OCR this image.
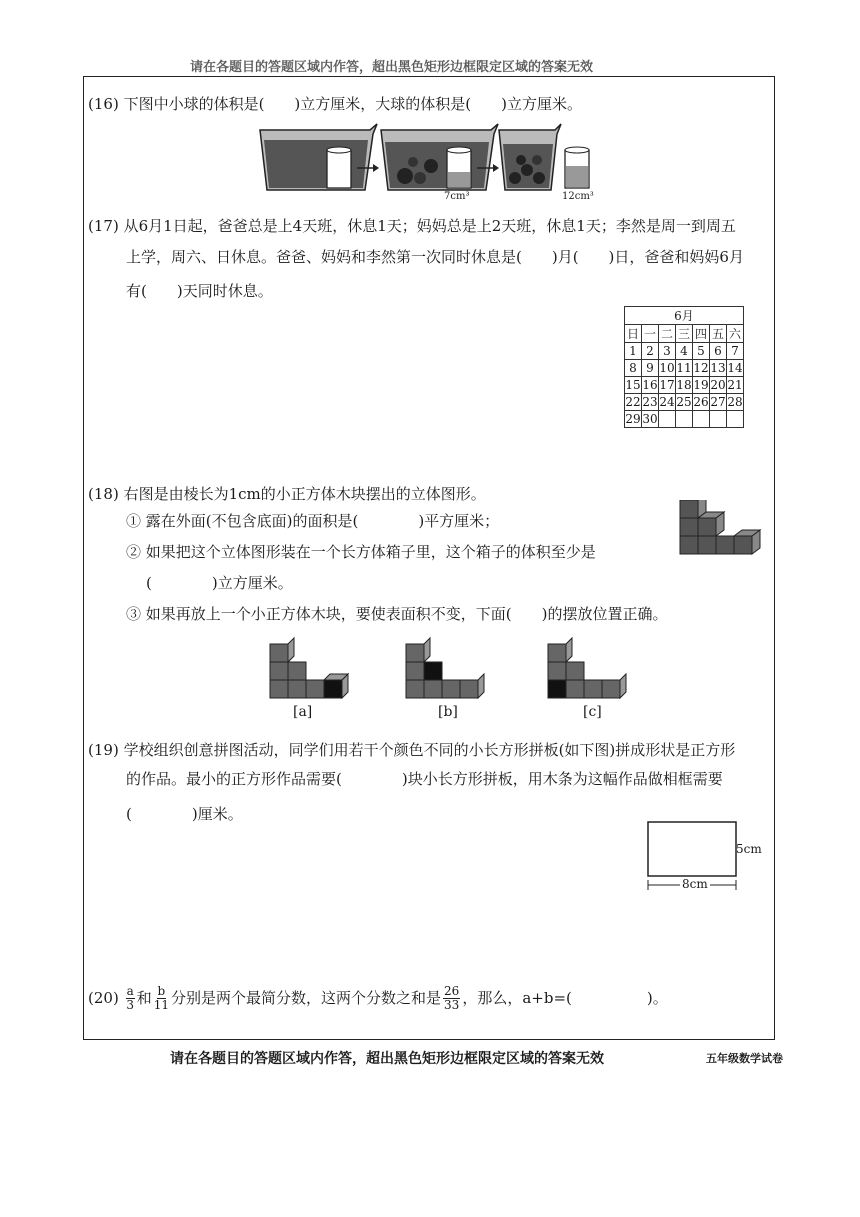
请在各题目的答题区域内作答，超出黑色矩形边框限定区域的答案无效
(16) 下图中小球的体积是(　　)立方厘米，大球的体积是(　　)立方厘米。
7cm³	12cm³
(17) 从6月1日起，爸爸总是上4天班，休息1天；妈妈总是上2天班，休息1天；李然是周一到周五
上学，周六、日休息。爸爸、妈妈和李然第一次同时休息是(　　)月(　　)日，爸爸和妈妈6月
有(　　)天同时休息。
6月						
日	一	二	三	四	五	六
1	2	3	4	5	6	7
8	9	10	11	12	13	14
15	16	17	18	19	20	21
22	23	24	25	26	27	28
29	30					
(18) 右图是由棱长为1cm的小正方体木块摆出的立体图形。
① 露在外面(不包含底面)的面积是(　　　　)平方厘米；
② 如果把这个立体图形装在一个长方体箱子里，这个箱子的体积至少是
(　　　　)立方厘米。
③ 如果再放上一个小正方体木块，要使表面积不变，下面(　　)的摆放位置正确。
[a]	[b]	[c]
(19) 学校组织创意拼图活动，同学们用若干个颜色不同的小长方形拼板(如下图)拼成形状是正方形
的作品。最小的正方形作品需要(　　　　)块小长方形拼板，用木条为这幅作品做相框需要
(　　　　)厘米。
5cm
8cm
(20)
a
3 和 b
11 分别是两个最简分数，这两个分数之和是 26
33 ，那么，a+b=(　　　　　)。
请在各题目的答题区域内作答，超出黑色矩形边框限定区域的答案无效	五年级数学试卷
